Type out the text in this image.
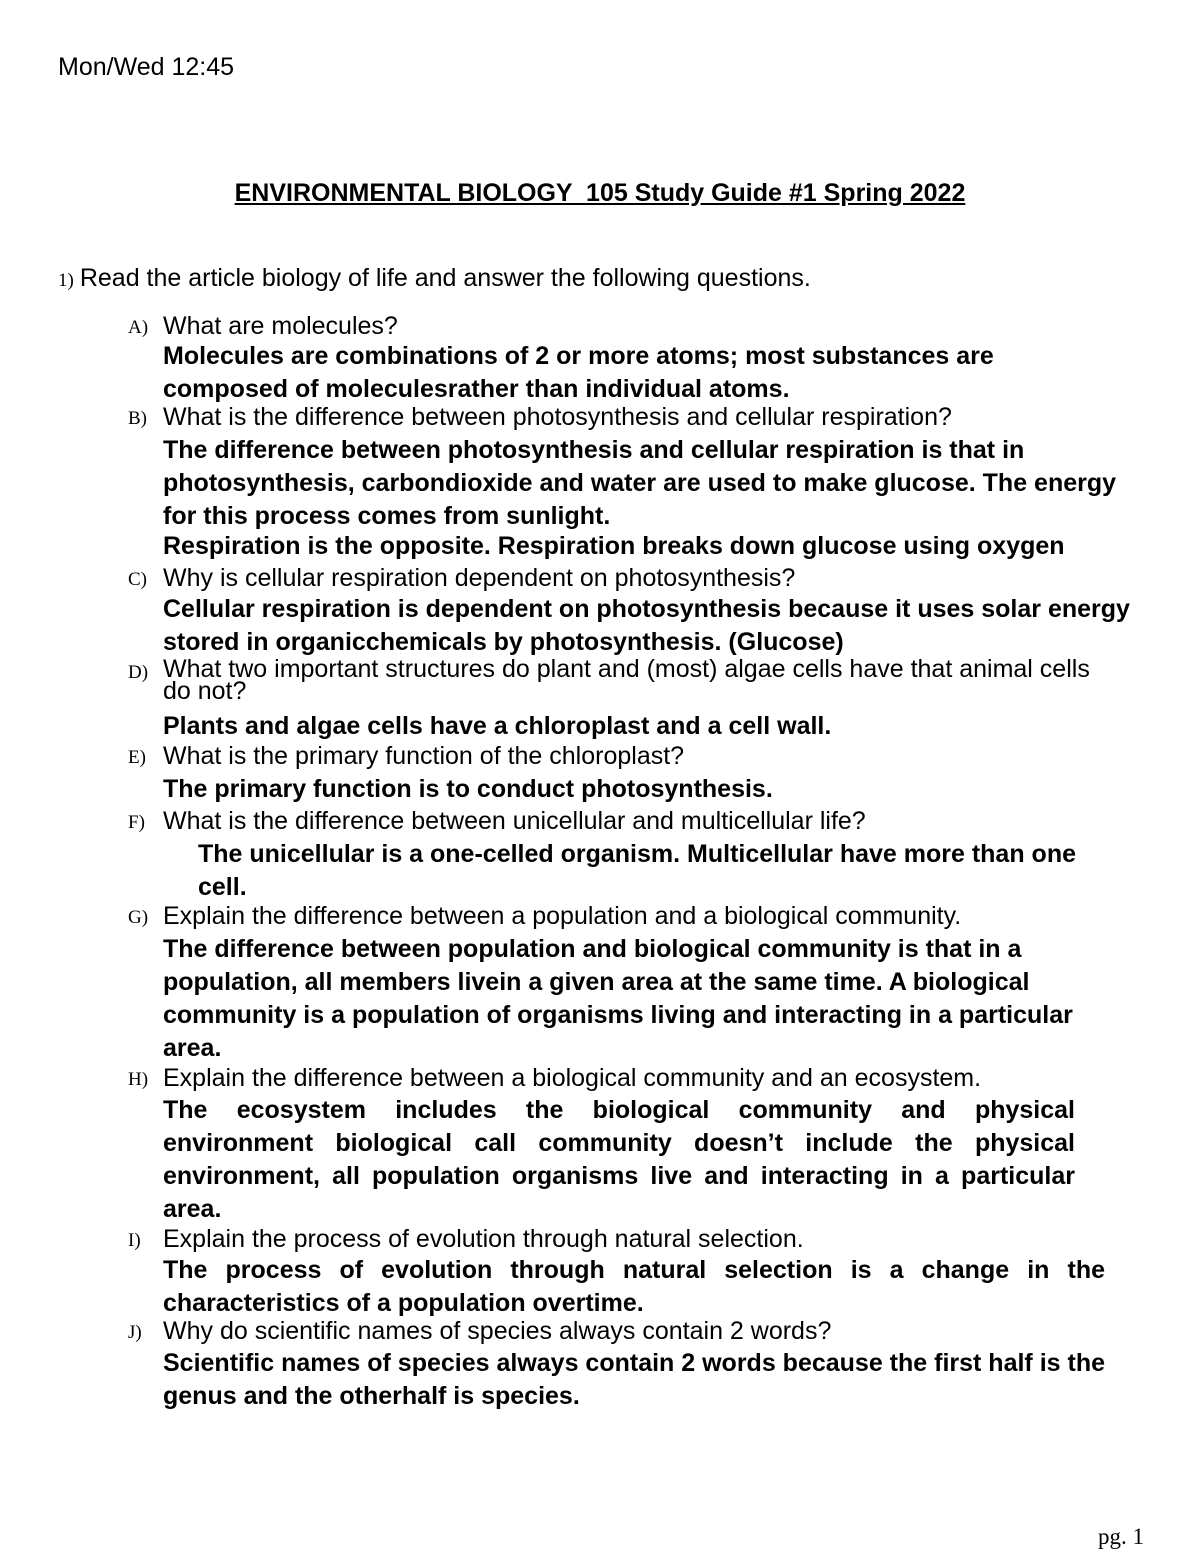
Mon/Wed 12:45
ENVIRONMENTAL BIOLOGY  105 Study Guide #1 Spring 2022
1) Read the article biology of life and answer the following questions.
A) What are molecules?
Molecules are combinations of 2 or more atoms; most substances are composed of moleculesrather than individual atoms.
B) What is the difference between photosynthesis and cellular respiration?
The difference between photosynthesis and cellular respiration is that in photosynthesis, carbondioxide and water are used to make glucose. The energy for this process comes from sunlight.
Respiration is the opposite. Respiration breaks down glucose using oxygen
C) Why is cellular respiration dependent on photosynthesis?
Cellular respiration is dependent on photosynthesis because it uses solar energy stored in organicchemicals by photosynthesis. (Glucose)
D) What two important structures do plant and (most) algae cells have that animal cells do not?
Plants and algae cells have a chloroplast and a cell wall.
E) What is the primary function of the chloroplast?
The primary function is to conduct photosynthesis.
F) What is the difference between unicellular and multicellular life?
The unicellular is a one-celled organism. Multicellular have more than one cell.
G) Explain the difference between a population and a biological community.
The difference between population and biological community is that in a population, all members livein a given area at the same time. A biological community is a population of organisms living and interacting in a particular area.
H) Explain the difference between a biological community and an ecosystem.
The ecosystem includes the biological community and physical environment biological call community doesn’t include the physical environment, all population organisms live and interacting in a particular area.
I) Explain the process of evolution through natural selection.
The process of evolution through natural selection is a change in the characteristics of a population overtime.
J) Why do scientific names of species always contain 2 words?
Scientific names of species always contain 2 words because the first half is the genus and the otherhalf is species.
pg. 1
